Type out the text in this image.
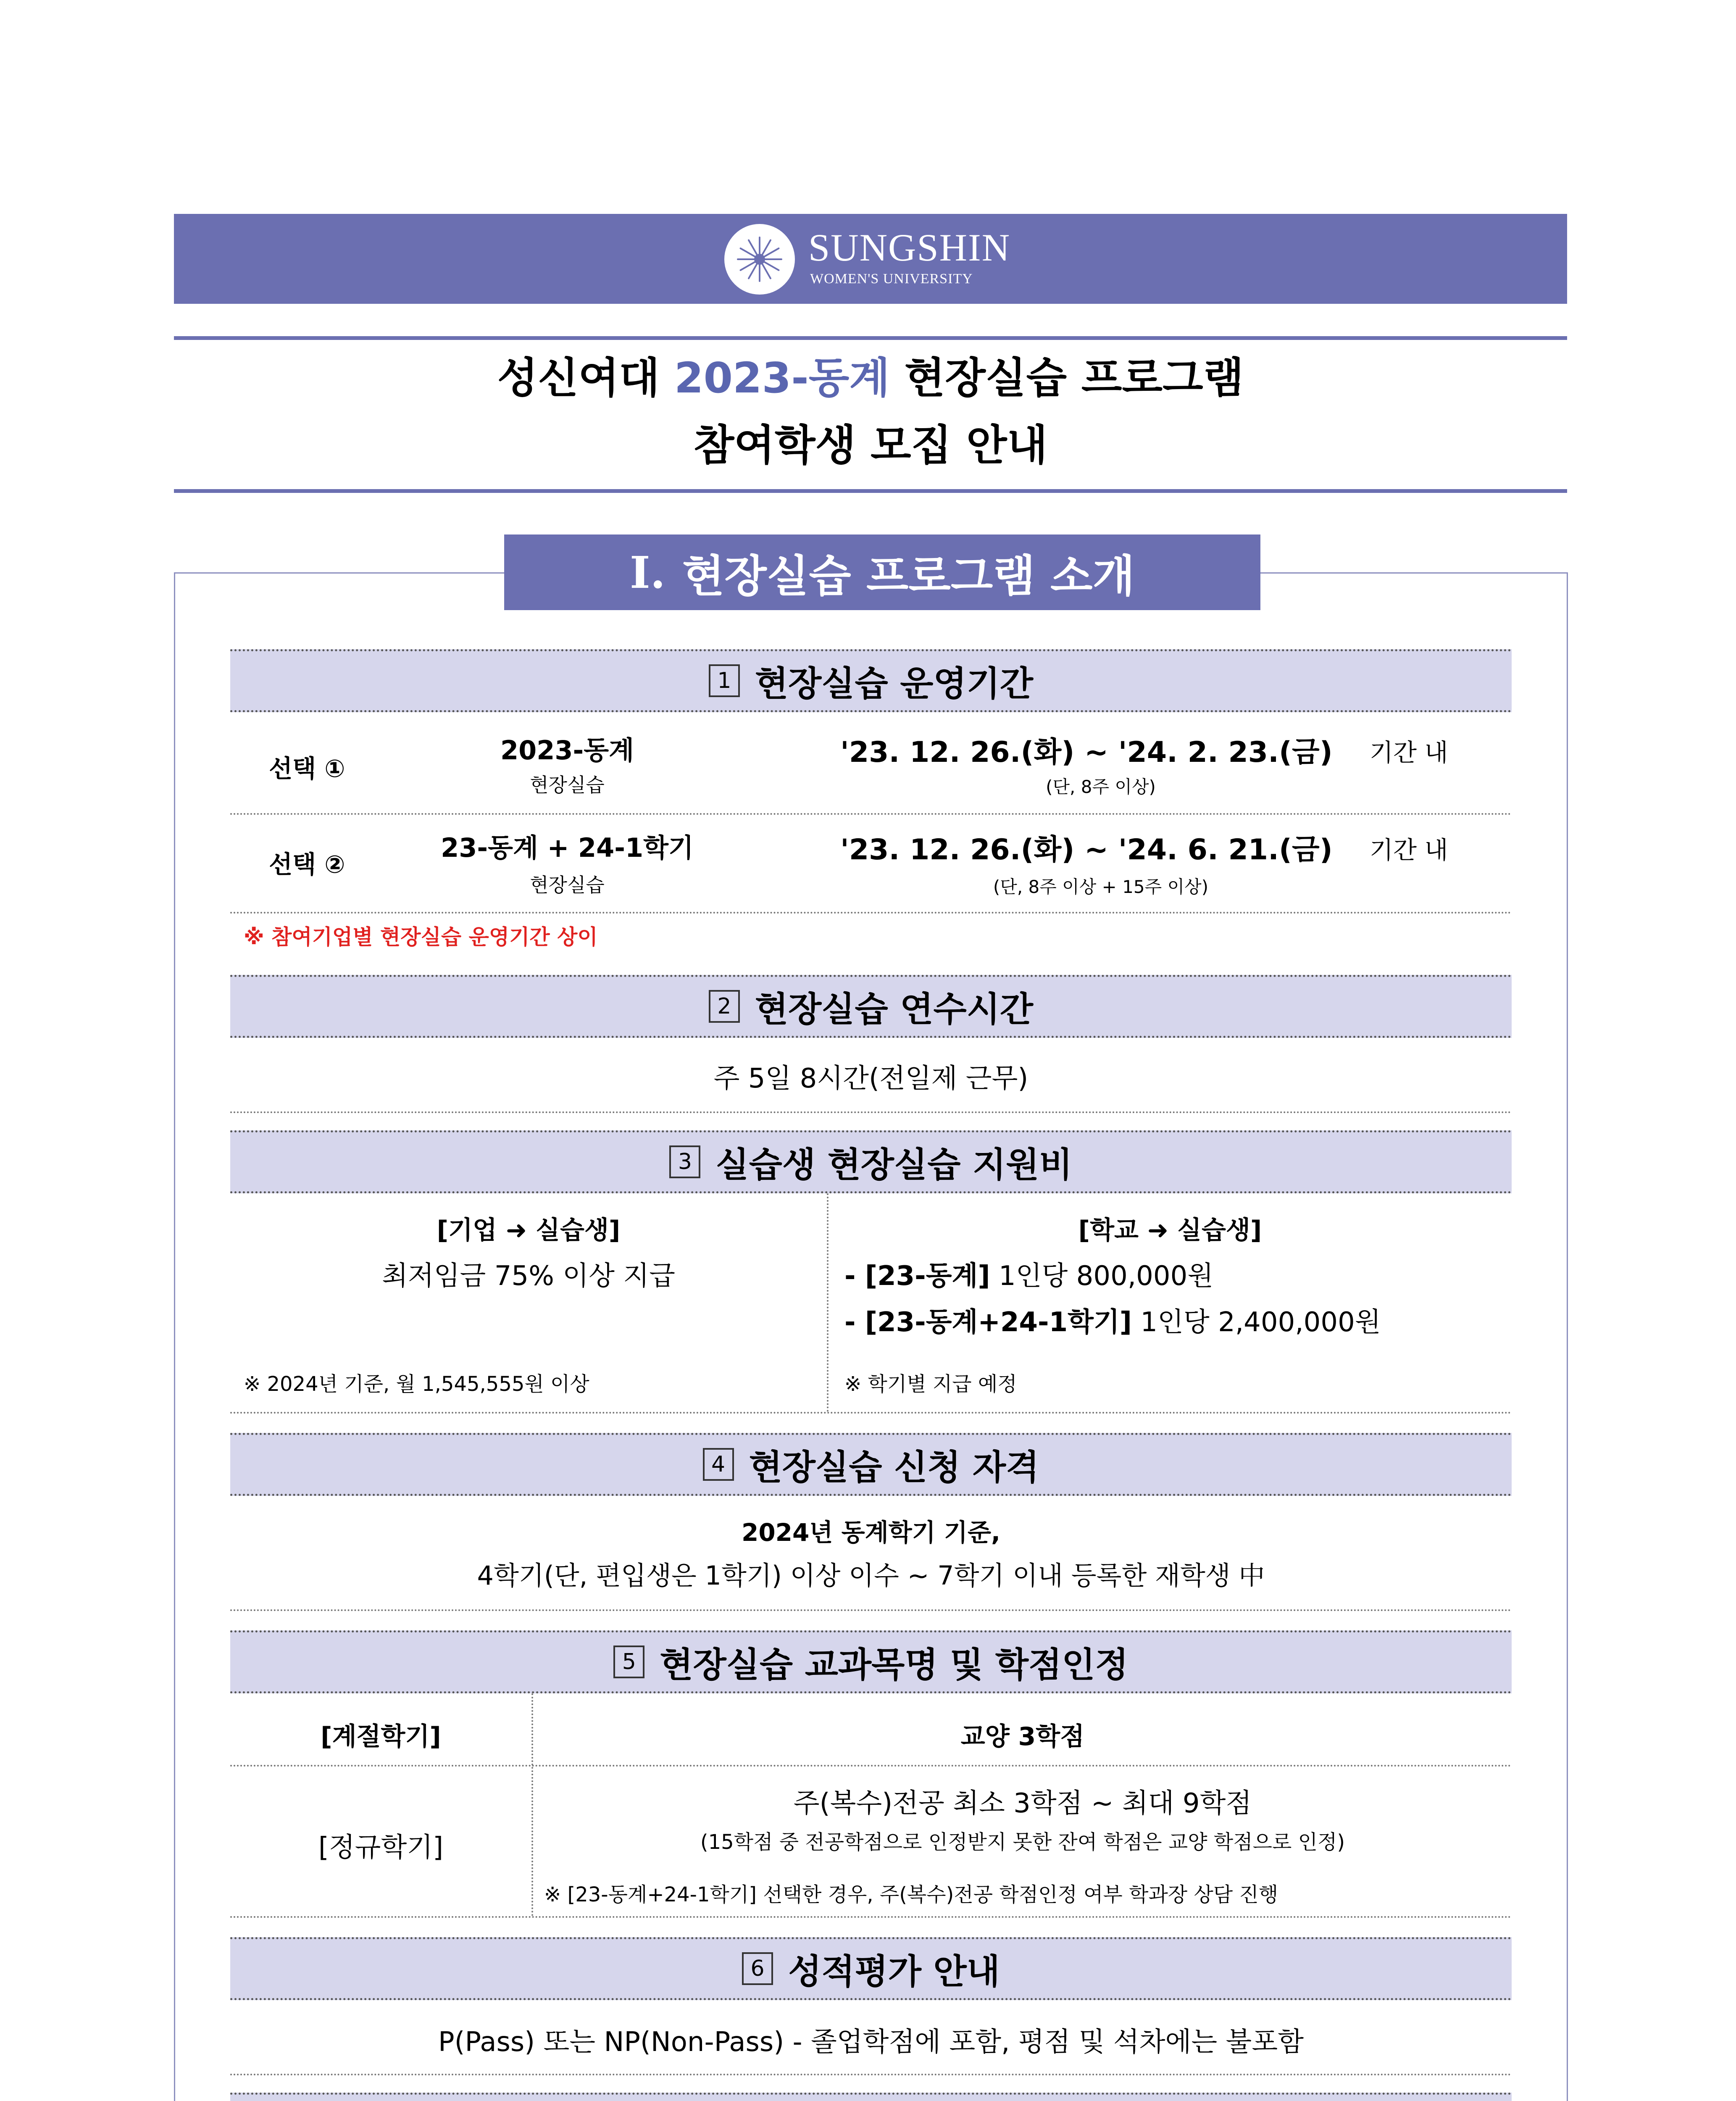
SUNGSHIN
WOMEN'S UNIVERSITY
성신여대 2023-동계 현장실습 프로그램
참여학생 모집 안내
Ⅰ. 현장실습 프로그램 소개
1 현장실습 운영기간
선택 ①
2023-동계
현장실습
'23. 12. 26.(화) ~ '24. 2. 23.(금) 기간 내
(단, 8주 이상)
선택 ②
23-동계 + 24-1학기
현장실습
'23. 12. 26.(화) ~ '24. 6. 21.(금) 기간 내
(단, 8주 이상 + 15주 이상)
※ 참여기업별 현장실습 운영기간 상이
2 현장실습 연수시간
주 5일 8시간(전일제 근무)
3 실습생 현장실습 지원비
[기업 ➜ 실습생]
최저임금 75% 이상 지급
※ 2024년 기준, 월 1,545,555원 이상
[학교 ➜ 실습생]
- [23-동계] 1인당 800,000원
- [23-동계+24-1학기] 1인당 2,400,000원
※ 학기별 지급 예정
4 현장실습 신청 자격
2024년 동계학기 기준,
4학기(단, 편입생은 1학기) 이상 이수 ~ 7학기 이내 등록한 재학생 中
5 현장실습 교과목명 및 학점인정
[계절학기]	교양 3학점
[정규학기]
주(복수)전공 최소 3학점 ~ 최대 9학점
(15학점 중 전공학점으로 인정받지 못한 잔여 학점은 교양 학점으로 인정)
※ [23-동계+24-1학기] 선택한 경우, 주(복수)전공 학점인정 여부 학과장 상담 진행
6 성적평가 안내
P(Pass) 또는 NP(Non-Pass) - 졸업학점에 포함, 평점 및 석차에는 불포함
